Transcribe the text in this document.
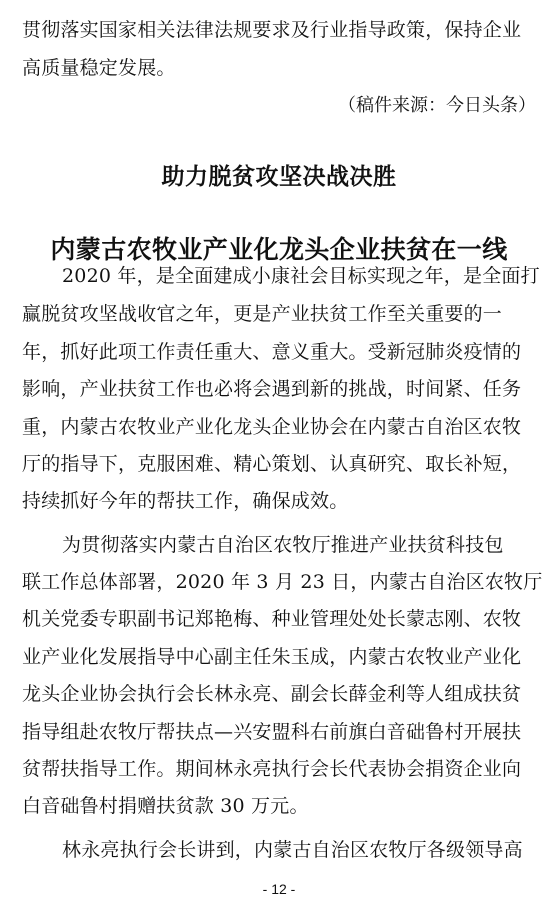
贯彻落实国家相关法律法规要求及行业指导政策，保持企业
高质量稳定发展。
（稿件来源：今日头条）
助力脱贫攻坚决战决胜
内蒙古农牧业产业化龙头企业扶贫在一线
2020 年，是全面建成小康社会目标实现之年，是全面打
赢脱贫攻坚战收官之年，更是产业扶贫工作至关重要的一
年，抓好此项工作责任重大、意义重大。受新冠肺炎疫情的
影响，产业扶贫工作也必将会遇到新的挑战，时间紧、任务
重，内蒙古农牧业产业化龙头企业协会在内蒙古自治区农牧
厅的指导下，克服困难、精心策划、认真研究、取长补短，
持续抓好今年的帮扶工作，确保成效。
为贯彻落实内蒙古自治区农牧厅推进产业扶贫科技包
联工作总体部署，2020 年 3 月 23 日，内蒙古自治区农牧厅
机关党委专职副书记郑艳梅、种业管理处处长蒙志刚、农牧
业产业化发展指导中心副主任朱玉成，内蒙古农牧业产业化
龙头企业协会执行会长林永亮、副会长薛金利等人组成扶贫
指导组赴农牧厅帮扶点—兴安盟科右前旗白音础鲁村开展扶
贫帮扶指导工作。期间林永亮执行会长代表协会捐资企业向
白音础鲁村捐赠扶贫款 30 万元。
林永亮执行会长讲到，内蒙古自治区农牧厅各级领导高
- 12 -
